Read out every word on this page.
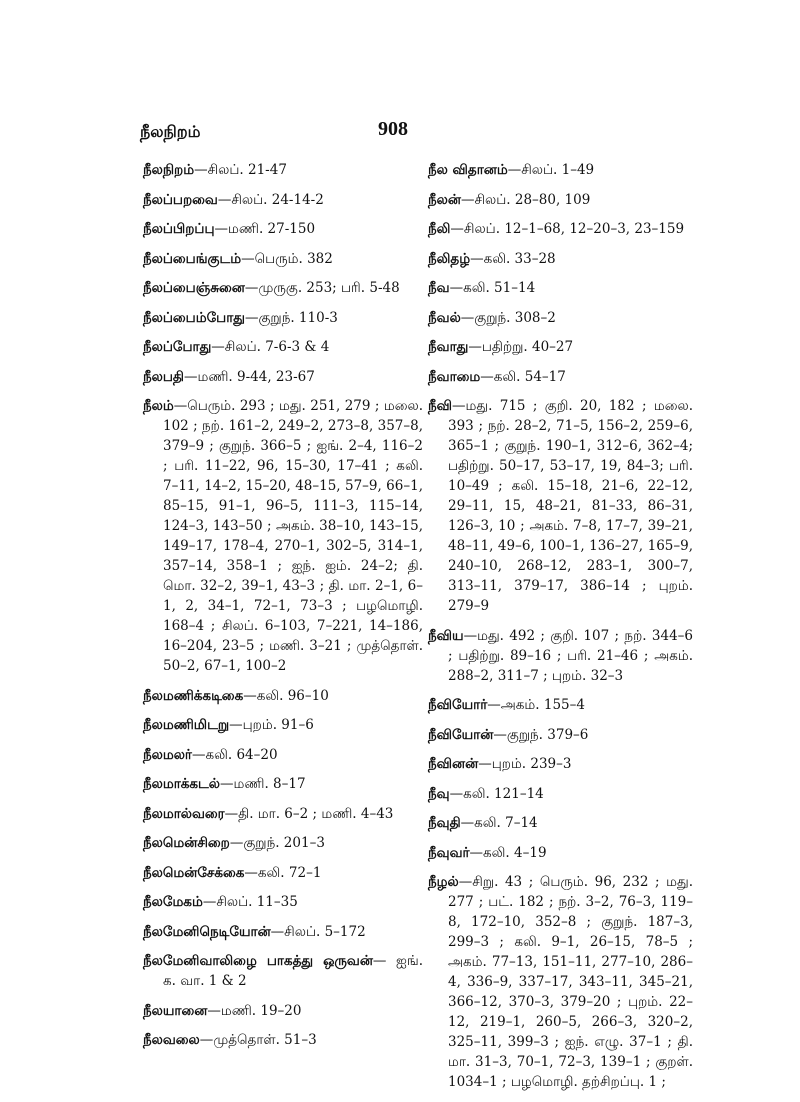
நீலநிறம்	908

நீலநிறம்—சிலப். 21-47

நீலப்பறவை—சிலப். 24-14-2

நீலப்பிறப்பு—மணி. 27-150

நீலப்பைங்குடம்—பெரும். 382

நீலப்பைஞ்சுனை—முருகு. 253; பரி. 5-48

நீலப்பைம்போது—குறுந். 110-3

நீலப்போது—சிலப். 7-6-3 & 4

நீலபதி—மணி. 9-44, 23-67

நீலம்—பெரும். 293 ; மது. 251, 279 ; மலை. 102 ; நற். 161–2, 249–2, 273–8, 357–8, 379–9 ; குறுந். 366–5 ; ஐங். 2–4, 116–2 ; பரி. 11–22, 96, 15–30, 17–41 ; கலி. 7–11, 14–2, 15–20, 48–15, 57–9, 66–1, 85–15, 91–1, 96–5, 111–3, 115–14, 124–3, 143–50 ; அகம். 38–10, 143–15, 149–17, 178–4, 270–1, 302–5, 314–1, 357–14, 358–1 ; ஐந். ஐம். 24–2; தி. மொ. 32–2, 39–1, 43–3 ; தி. மா. 2–1, 6–1, 2, 34–1, 72–1, 73–3 ; பழமொழி. 168–4 ; சிலப். 6–103, 7–221, 14–186, 16–204, 23–5 ; மணி. 3–21 ; முத்தொள். 50–2, 67–1, 100–2

நீலமணிக்கடிகை—கலி. 96–10

நீலமணிமிடறு—புறம். 91–6

நீலமலர்—கலி. 64–20

நீலமாக்கடல்—மணி. 8–17

நீலமால்வரை—தி. மா. 6–2 ; மணி. 4–43

நீலமென்சிறை—குறுந். 201–3

நீலமென்சேக்கை—கலி. 72–1

நீலமேகம்—சிலப். 11–35

நீலமேனிநெடியோன்—சிலப். 5–172

நீலமேனிவாலிழை பாகத்து ஒருவன்— ஐங். க. வா. 1 & 2

நீலயானை—மணி. 19–20

நீலவலை—முத்தொள். 51–3

நீல விதானம்—சிலப். 1–49

நீலன்—சிலப். 28–80, 109

நீலி—சிலப். 12–1–68, 12–20–3, 23–159

நீலிதழ்—கலி. 33–28

நீவ—கலி. 51–14

நீவல்—குறுந். 308–2

நீவாது—பதிற்று. 40–27

நீவாமை—கலி. 54–17

நீவி—மது. 715 ; குறி. 20, 182 ; மலை. 393 ; நற். 28–2, 71–5, 156–2, 259–6, 365–1 ; குறுந். 190–1, 312–6, 362–4; பதிற்று. 50–17, 53–17, 19, 84–3; பரி. 10–49 ; கலி. 15–18, 21–6, 22–12, 29–11, 15, 48–21, 81–33, 86–31, 126–3, 10 ; அகம். 7–8, 17–7, 39–21, 48–11, 49–6, 100–1, 136–27, 165–9, 240–10, 268–12, 283–1, 300–7, 313–11, 379–17, 386–14 ; புறம். 279–9

நீவிய—மது. 492 ; குறி. 107 ; நற். 344–6 ; பதிற்று. 89–16 ; பரி. 21–46 ; அகம். 288–2, 311–7 ; புறம். 32–3

நீவியோர்—அகம். 155–4

நீவியோன்—குறுந். 379–6

நீவினன்—புறம். 239–3

நீவு—கலி. 121–14

நீவுதி—கலி. 7–14

நீவுவர்—கலி. 4–19

நீழல்—சிறு. 43 ; பெரும். 96, 232 ; மது. 277 ; பட். 182 ; நற். 3–2, 76–3, 119–8, 172–10, 352–8 ; குறுந். 187–3, 299–3 ; கலி. 9–1, 26–15, 78–5 ; அகம். 77–13, 151–11, 277–10, 286–4, 336–9, 337–17, 343–11, 345–21, 366–12, 370–3, 379–20 ; புறம். 22–12, 219–1, 260–5, 266–3, 320–2, 325–11, 399–3 ; ஐந். எழு. 37–1 ; தி. மா. 31–3, 70–1, 72–3, 139–1 ; குறள். 1034–1 ; பழமொழி. தற்சிறப்பு. 1 ;
